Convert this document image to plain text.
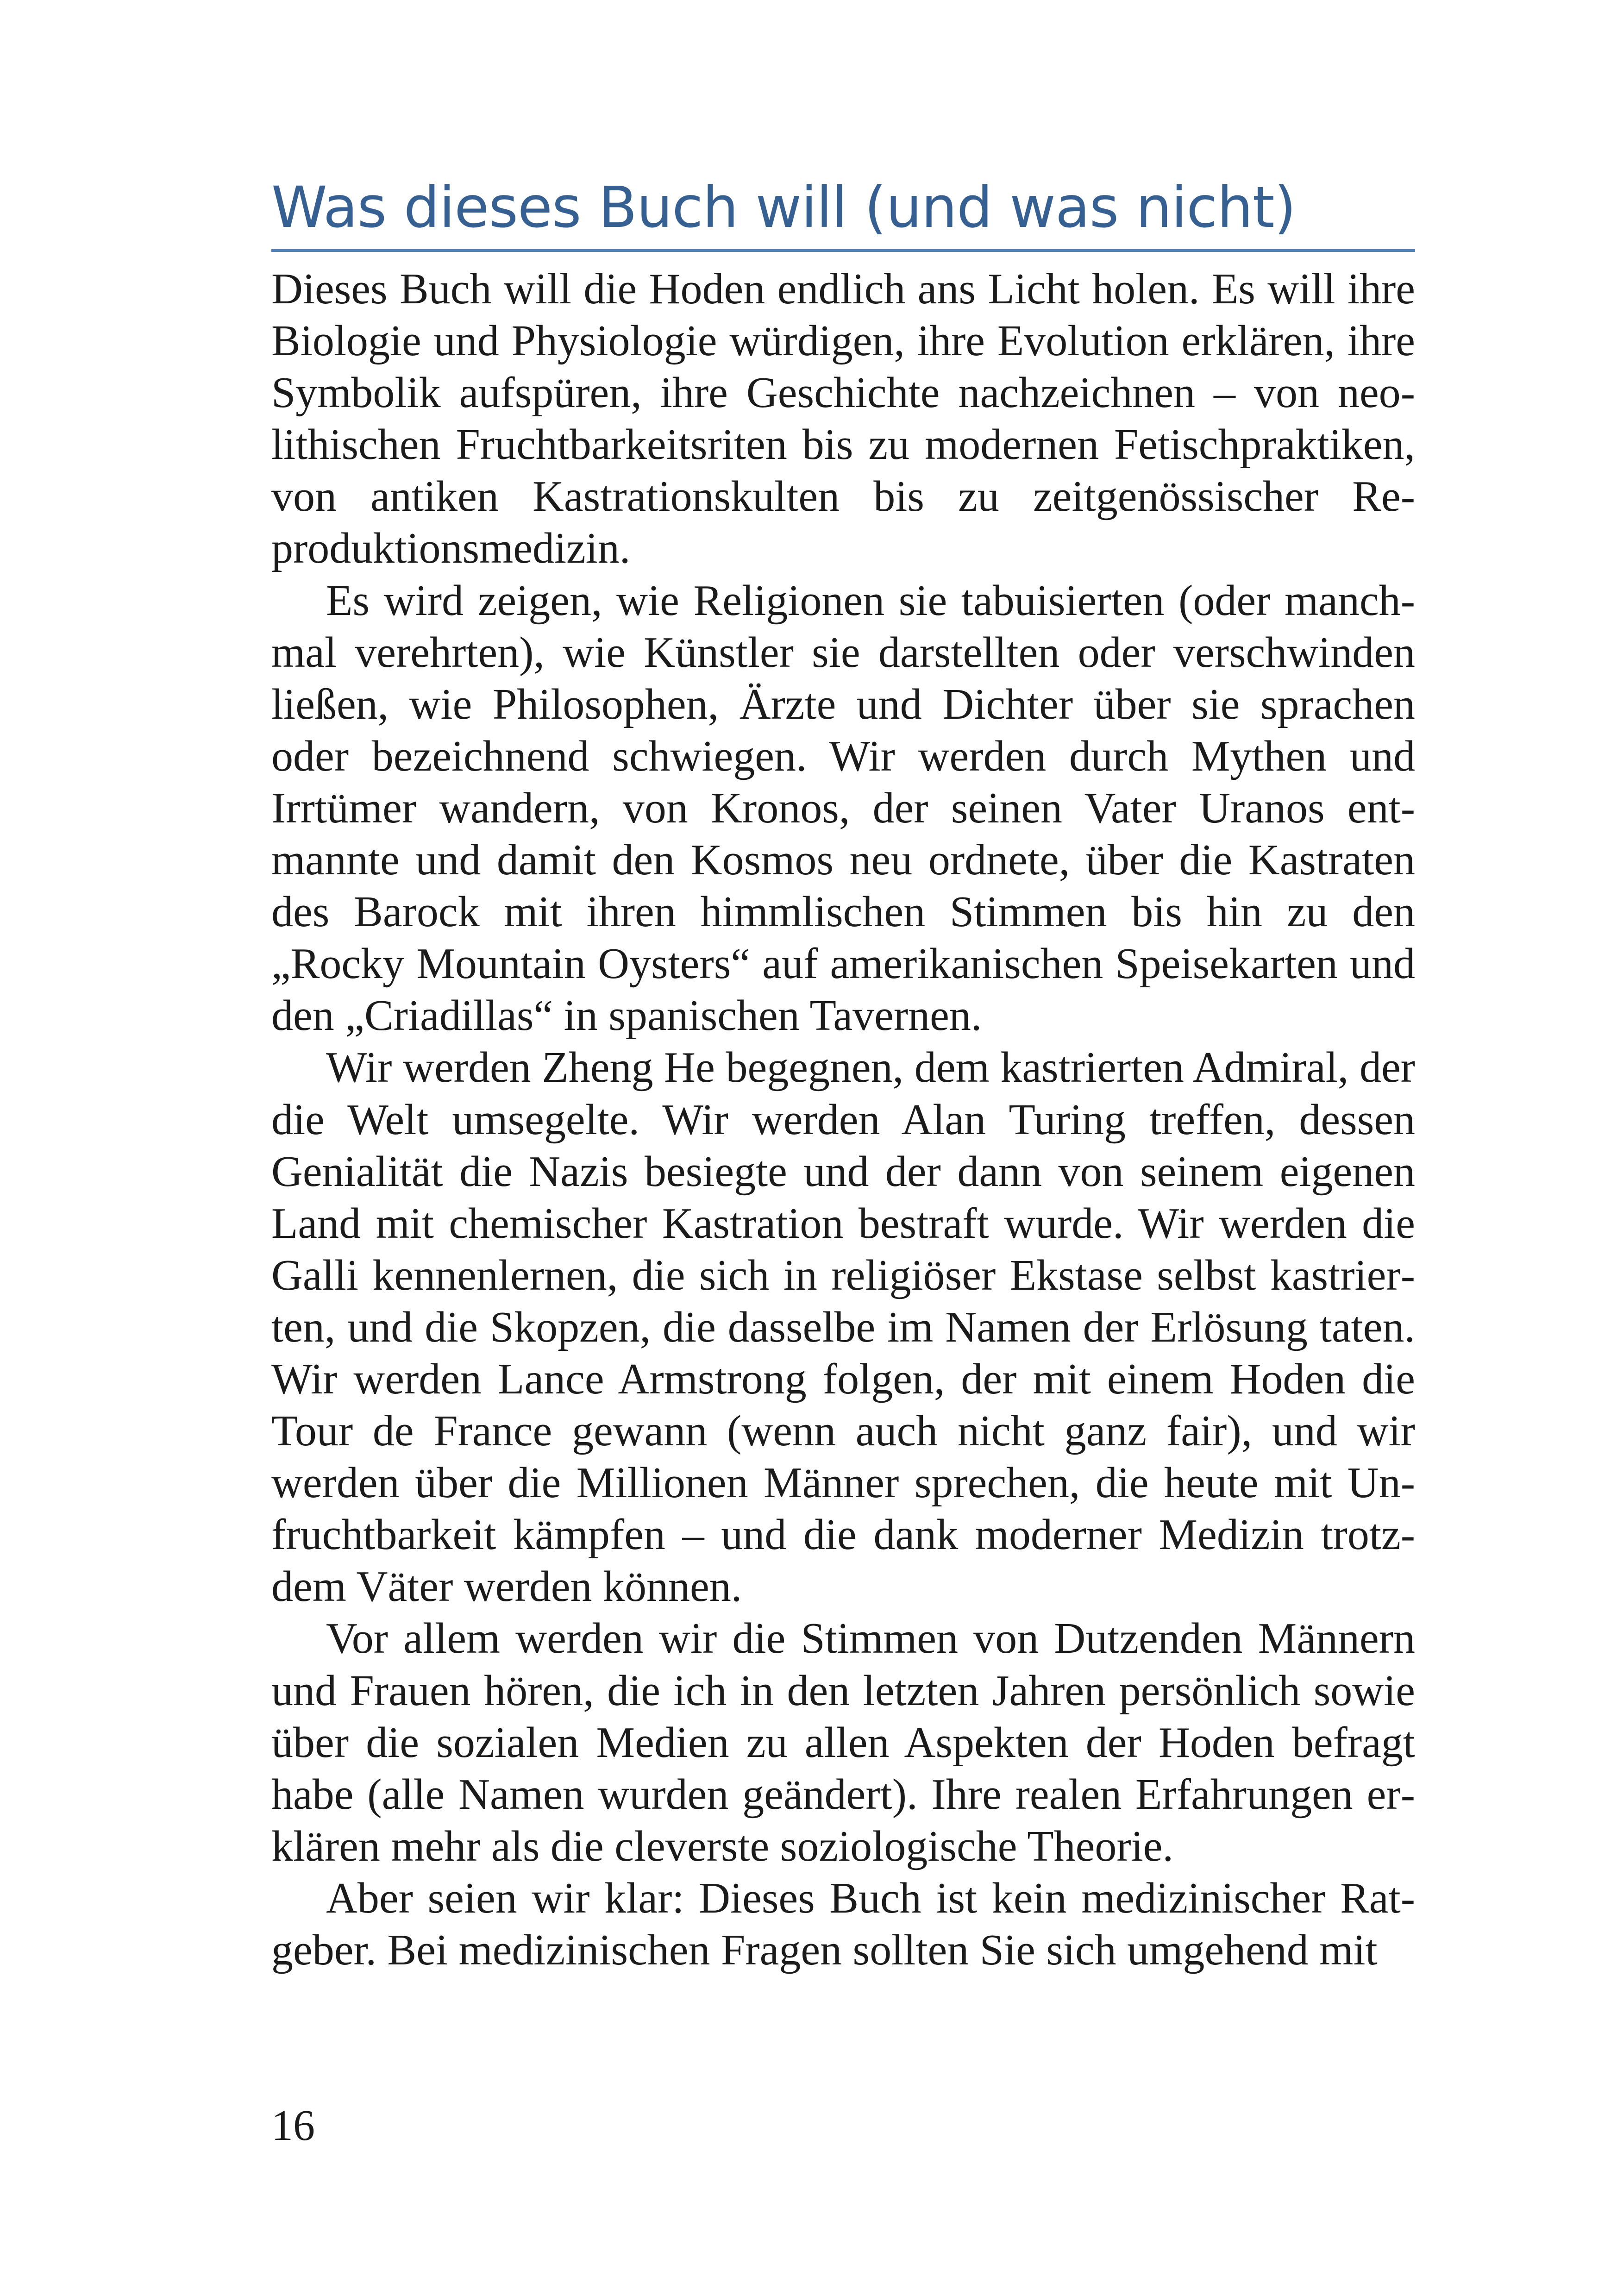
Was dieses Buch will (und was nicht)

Dieses Buch will die Hoden endlich ans Licht holen. Es will ihre Biologie und Physiologie würdigen, ihre Evolution erklären, ihre Symbolik aufspüren, ihre Geschichte nachzeichnen – von neolithischen Fruchtbarkeitsriten bis zu modernen Fetischpraktiken, von antiken Kastrationskulten bis zu zeitgenössischer Reproduktionsmedizin.

Es wird zeigen, wie Religionen sie tabuisierten (oder manchmal verehrten), wie Künstler sie darstellten oder verschwinden ließen, wie Philosophen, Ärzte und Dichter über sie sprachen oder bezeichnend schwiegen. Wir werden durch Mythen und Irrtümer wandern, von Kronos, der seinen Vater Uranos entmannte und damit den Kosmos neu ordnete, über die Kastraten des Barock mit ihren himmlischen Stimmen bis hin zu den „Rocky Mountain Oysters“ auf amerikanischen Speisekarten und den „Criadillas“ in spanischen Tavernen.

Wir werden Zheng He begegnen, dem kastrierten Admiral, der die Welt umsegelte. Wir werden Alan Turing treffen, dessen Genialität die Nazis besiegte und der dann von seinem eigenen Land mit chemischer Kastration bestraft wurde. Wir werden die Galli kennenlernen, die sich in religiöser Ekstase selbst kastrierten, und die Skopzen, die dasselbe im Namen der Erlösung taten. Wir werden Lance Armstrong folgen, der mit einem Hoden die Tour de France gewann (wenn auch nicht ganz fair), und wir werden über die Millionen Männer sprechen, die heute mit Unfruchtbarkeit kämpfen – und die dank moderner Medizin trotzdem Väter werden können.

Vor allem werden wir die Stimmen von Dutzenden Männern und Frauen hören, die ich in den letzten Jahren persönlich sowie über die sozialen Medien zu allen Aspekten der Hoden befragt habe (alle Namen wurden geändert). Ihre realen Erfahrungen erklären mehr als die cleverste soziologische Theorie.

Aber seien wir klar: Dieses Buch ist kein medizinischer Ratgeber. Bei medizinischen Fragen sollten Sie sich umgehend mit

16
